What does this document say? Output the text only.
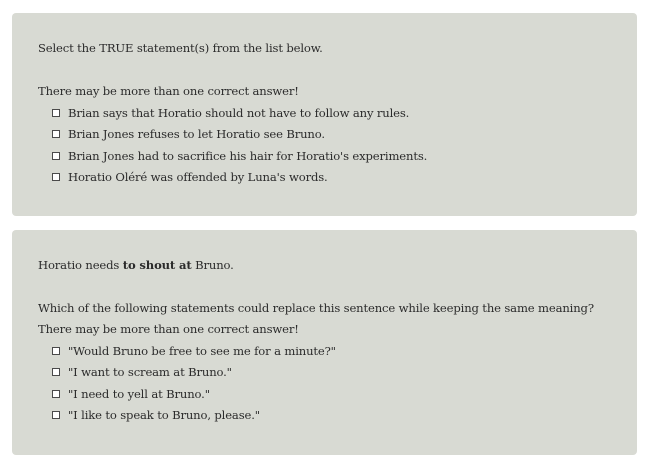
Select the TRUE statement(s) from the list below.
There may be more than one correct answer!
Brian says that Horatio should not have to follow any rules.
Brian Jones refuses to let Horatio see Bruno.
Brian Jones had to sacrifice his hair for Horatio's experiments.
Horatio Oléré was offended by Luna's words.
Horatio needs to shout at Bruno.
Which of the following statements could replace this sentence while keeping the same meaning? There may be more than one correct answer!
"Would Bruno be free to see me for a minute?"
"I want to scream at Bruno."
"I need to yell at Bruno."
"I like to speak to Bruno, please."
